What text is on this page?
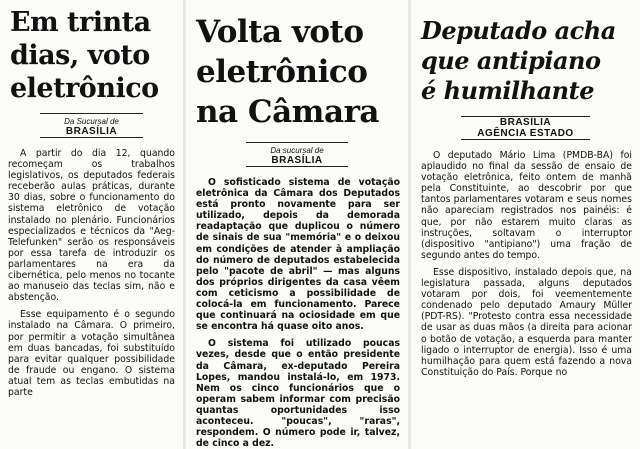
Em trinta
dias, voto
eletrônico
Da Sucursal de
BRASÍLIA

A partir do dia 12, quando recomeçam os trabalhos legislativos, os deputados federais receberão aulas práticas, durante 30 dias, sobre o funcionamento do sistema eletrônico de votação instalado no plenário. Funcionários especializados e técnicos da "Aeg-Telefunken" serão os responsáveis por essa tarefa de introduzir os parlamentares na era da cibernética, pelo menos no tocante ao manuseio das teclas sim, não e abstenção.

Esse equipamento é o segundo instalado na Câmara. O primeiro, por permitir a votação simultânea em duas bancadas, foi substituído para evitar qualquer possibilidade de fraude ou engano. O sistema atual tem as teclas embutidas na parte

Volta voto
eletrônico
na Câmara
Da sucursal de
BRASÍLIA

O sofisticado sistema de votação eletrônica da Câmara dos Deputados está pronto novamente para ser utilizado, depois da demorada readaptação que duplicou o número de sinais de sua "memória" e o deixou em condições de atender à ampliação do número de deputados estabelecida pelo "pacote de abril" — mas alguns dos próprios dirigentes da casa vêem com ceticismo a possibilidade de colocá-la em funcionamento. Parece que continuará na ociosidade em que se encontra há quase oito anos.

O sistema foi utilizado poucas vezes, desde que o então presidente da Câmara, ex-deputado Pereira Lopes, mandou instalá-lo, em 1973. Nem os cinco funcionários que o operam sabem informar com precisão quantas oportunidades isso aconteceu. "poucas", "raras", respondem. O número pode ir, talvez, de cinco a dez.

Deputado acha
que antipiano
é humilhante
BRASÍLIA
AGÊNCIA ESTADO

O deputado Mário Lima (PMDB-BA) foi aplaudido no final da sessão de ensaio de votação eletrônica, feito ontem de manhã pela Constituinte, ao descobrir por que tantos parlamentares votaram e seus nomes não apareciam registrados nos painéis: é que, por não estarem muito claras as instruções, soltavam o interruptor (dispositivo "antipiano") uma fração de segundo antes do tempo.

Esse dispositivo, instalado depois que, na legislatura passada, alguns deputados votaram por dois, foi veementemente condenado pelo deputado Amaury Müller (PDT-RS). "Protesto contra essa necessidade de usar as duas mãos (a direita para acionar o botão de votação, a esquerda para manter ligado o interruptor de energia). Isso é uma humilhação para quem está fazendo a nova Constituição do País. Porque no
